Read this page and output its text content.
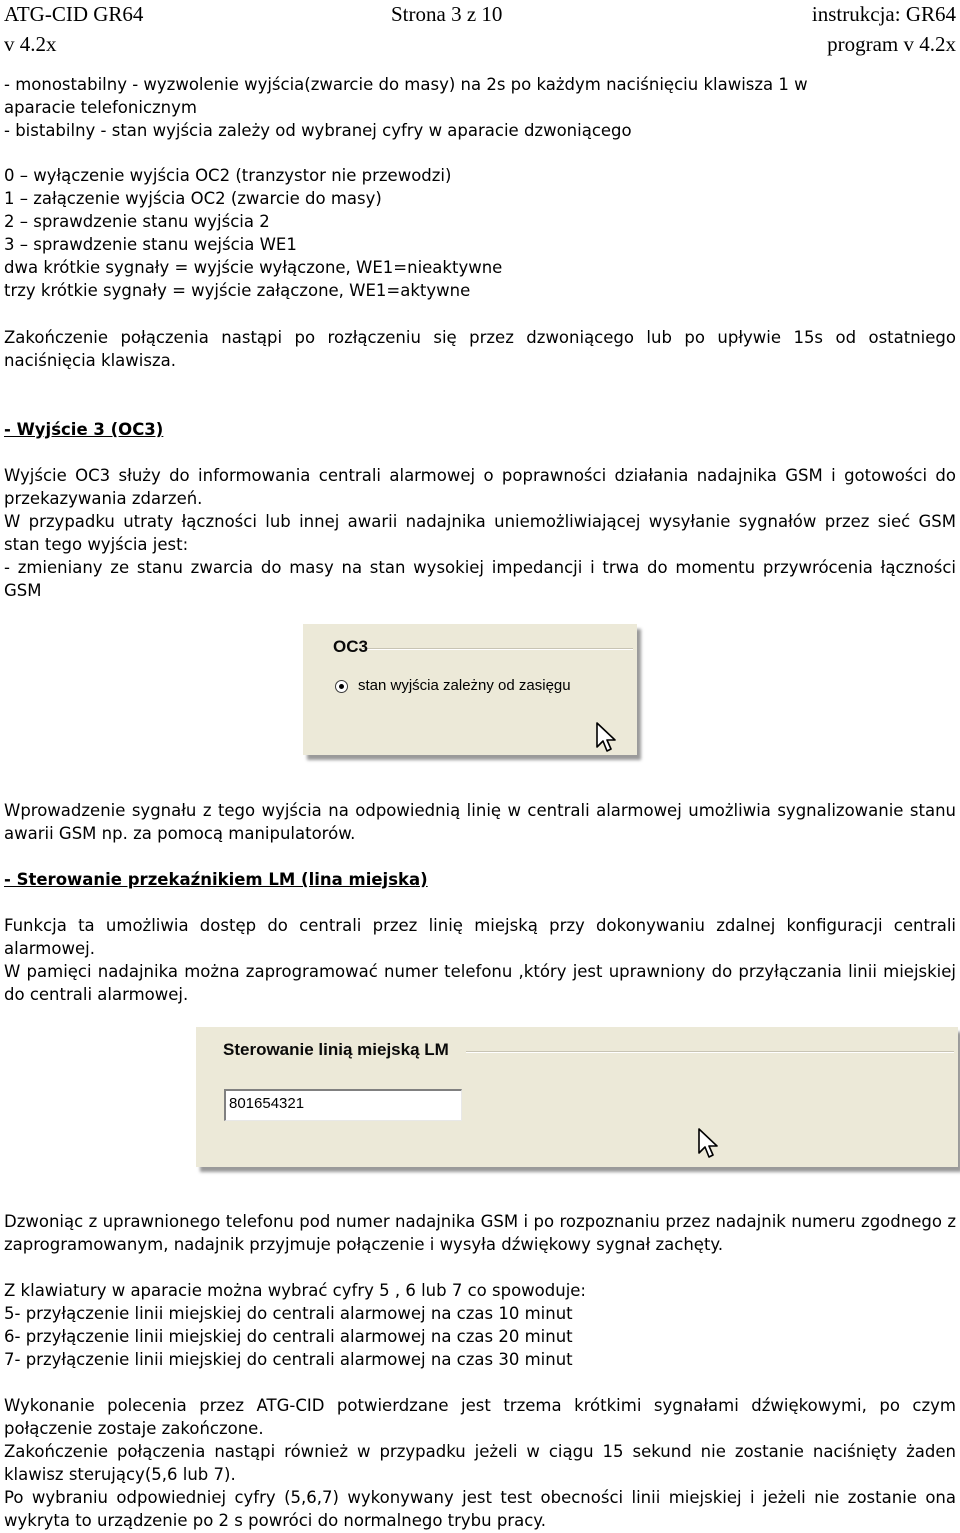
ATG-CID GR64
v 4.2x
Strona 3 z 10	instrukcja: GR64
program v 4.2x
- monostabilny - wyzwolenie wyjścia(zwarcie do masy) na 2s po każdym naciśnięciu klawisza 1 w
aparacie telefonicznym
- bistabilny - stan wyjścia zależy od wybranej cyfry w aparacie dzwoniącego
0 – wyłączenie wyjścia OC2 (tranzystor nie przewodzi)
1 – załączenie wyjścia OC2 (zwarcie do masy)
2 – sprawdzenie stanu wyjścia 2
3 – sprawdzenie stanu wejścia WE1
dwa krótkie sygnały = wyjście wyłączone, WE1=nieaktywne
trzy krótkie sygnały = wyjście załączone, WE1=aktywne
Zakończenie połączenia nastąpi po rozłączeniu się przez dzwoniącego lub po upływie 15s od ostatniego naciśnięcia klawisza.
- Wyjście 3 (OC3)
Wyjście OC3 służy do informowania centrali alarmowej o poprawności działania nadajnika GSM i gotowości do przekazywania zdarzeń.
W przypadku utraty łączności lub innej awarii nadajnika uniemożliwiającej wysyłanie sygnałów przez sieć GSM stan tego wyjścia jest:
- zmieniany ze stanu zwarcia do masy na stan wysokiej impedancji i trwa do momentu przywrócenia łączności GSM
OC3
stan wyjścia zależny od zasięgu
Wprowadzenie sygnału z tego wyjścia na odpowiednią linię w centrali alarmowej umożliwia sygnalizowanie stanu awarii GSM np. za pomocą manipulatorów.
- Sterowanie przekaźnikiem LM (lina miejska)
Funkcja ta umożliwia dostęp do centrali przez linię miejską przy dokonywaniu zdalnej konfiguracji centrali alarmowej.
W pamięci nadajnika można zaprogramować numer telefonu ,który jest uprawniony do przyłączania linii miejskiej do centrali alarmowej.
Sterowanie linią miejską LM
801654321
Dzwoniąc z uprawnionego telefonu pod numer nadajnika GSM i po rozpoznaniu przez nadajnik numeru zgodnego z zaprogramowanym, nadajnik przyjmuje połączenie i wysyła dźwiękowy sygnał zachęty.
Z klawiatury w aparacie można wybrać cyfry 5 , 6 lub 7 co spowoduje:
5- przyłączenie linii miejskiej do centrali alarmowej na czas 10 minut
6- przyłączenie linii miejskiej do centrali alarmowej na czas 20 minut
7- przyłączenie linii miejskiej do centrali alarmowej na czas 30 minut
Wykonanie polecenia przez ATG-CID potwierdzane jest trzema krótkimi sygnałami dźwiękowymi, po czym połączenie zostaje zakończone.
Zakończenie połączenia nastąpi również w przypadku jeżeli w ciągu 15 sekund nie zostanie naciśnięty żaden klawisz sterujący(5,6 lub 7).
Po wybraniu odpowiedniej cyfry (5,6,7) wykonywany jest test obecności linii miejskiej i jeżeli nie zostanie ona wykryta to urządzenie po 2 s powróci do normalnego trybu pracy.
